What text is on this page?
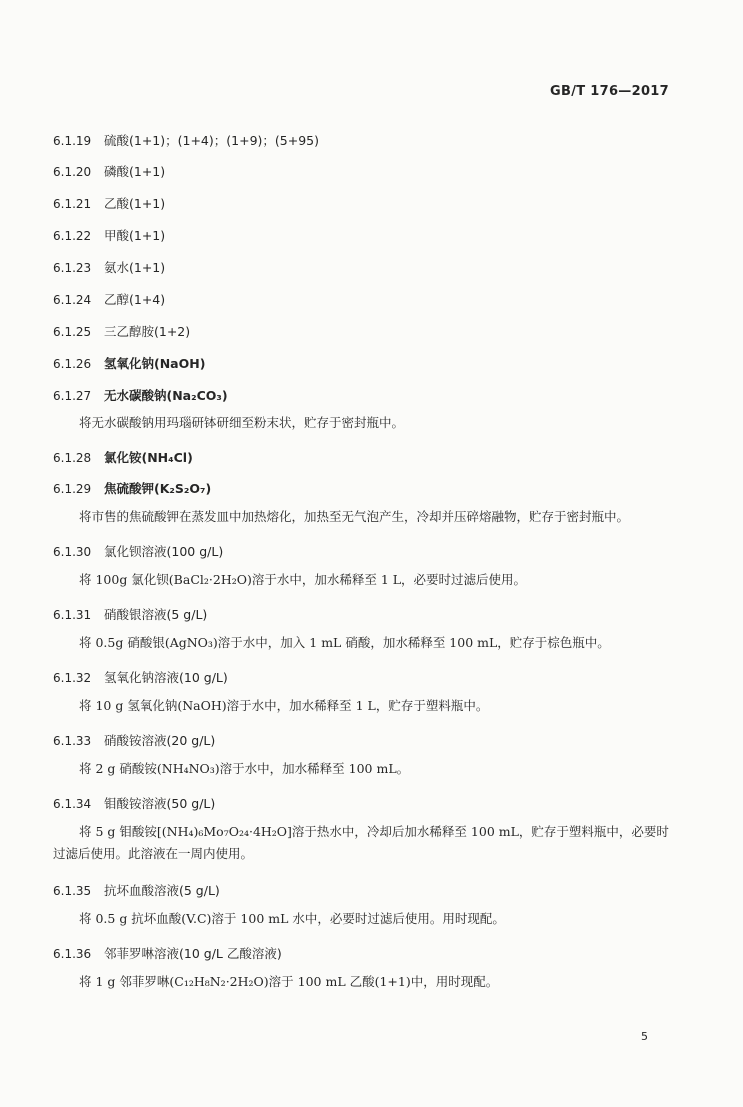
GB/T 176—2017
6.1.19 硫酸(1+1)；(1+4)；(1+9)；(5+95)
6.1.20 磷酸(1+1)
6.1.21 乙酸(1+1)
6.1.22 甲酸(1+1)
6.1.23 氨水(1+1)
6.1.24 乙醇(1+4)
6.1.25 三乙醇胺(1+2)
6.1.26 氢氧化钠(NaOH)
6.1.27 无水碳酸钠(Na₂CO₃)
将无水碳酸钠用玛瑙研钵研细至粉末状，贮存于密封瓶中。
6.1.28 氯化铵(NH₄Cl)
6.1.29 焦硫酸钾(K₂S₂O₇)
将市售的焦硫酸钾在蒸发皿中加热熔化，加热至无气泡产生，冷却并压碎熔融物，贮存于密封瓶中。
6.1.30 氯化钡溶液(100 g/L)
将 100g 氯化钡(BaCl₂·2H₂O)溶于水中，加水稀释至 1 L，必要时过滤后使用。
6.1.31 硝酸银溶液(5 g/L)
将 0.5g 硝酸银(AgNO₃)溶于水中，加入 1 mL 硝酸，加水稀释至 100 mL，贮存于棕色瓶中。
6.1.32 氢氧化钠溶液(10 g/L)
将 10 g 氢氧化钠(NaOH)溶于水中，加水稀释至 1 L，贮存于塑料瓶中。
6.1.33 硝酸铵溶液(20 g/L)
将 2 g 硝酸铵(NH₄NO₃)溶于水中，加水稀释至 100 mL。
6.1.34 钼酸铵溶液(50 g/L)
将 5 g 钼酸铵[(NH₄)₆Mo₇O₂₄·4H₂O]溶于热水中，冷却后加水稀释至 100 mL，贮存于塑料瓶中，必要时过滤后使用。此溶液在一周内使用。
6.1.35 抗坏血酸溶液(5 g/L)
将 0.5 g 抗坏血酸(V.C)溶于 100 mL 水中，必要时过滤后使用。用时现配。
6.1.36 邻菲罗啉溶液(10 g/L 乙酸溶液)
将 1 g 邻菲罗啉(C₁₂H₈N₂·2H₂O)溶于 100 mL 乙酸(1+1)中，用时现配。
5
